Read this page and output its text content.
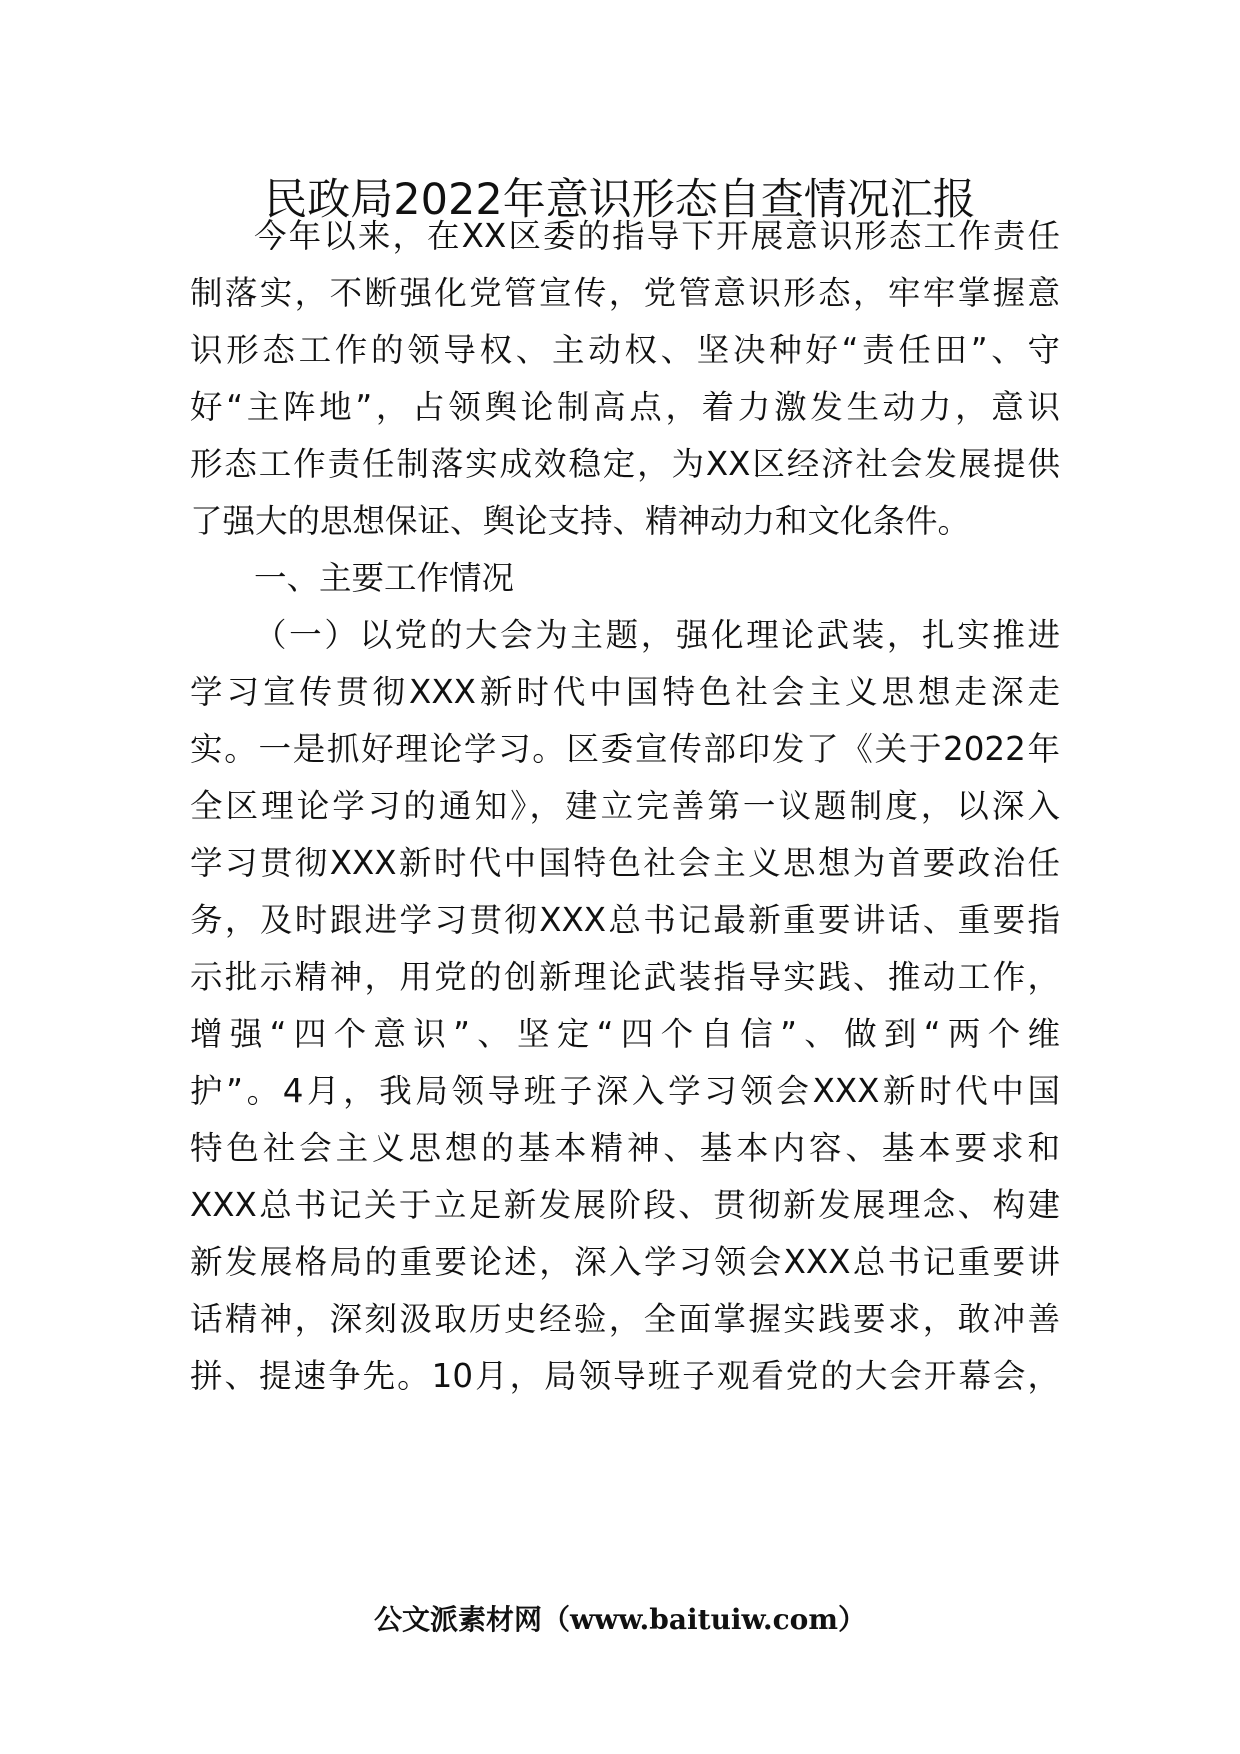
民政局2022年意识形态自查情况汇报
今年以来，在XX区委的指导下开展意识形态工作责任
制落实，不断强化党管宣传，党管意识形态，牢牢掌握意
识形态工作的领导权、主动权、坚决种好“责任田”、守
好“主阵地”，占领舆论制高点，着力激发生动力，意识
形态工作责任制落实成效稳定，为XX区经济社会发展提供
了强大的思想保证、舆论支持、精神动力和文化条件。
一、主要工作情况
（一）以党的大会为主题，强化理论武装，扎实推进
学习宣传贯彻XXX新时代中国特色社会主义思想走深走
实。一是抓好理论学习。区委宣传部印发了《关于2022年
全区理论学习的通知》，建立完善第一议题制度，以深入
学习贯彻XXX新时代中国特色社会主义思想为首要政治任
务，及时跟进学习贯彻XXX总书记最新重要讲话、重要指
示批示精神，用党的创新理论武装指导实践、推动工作，
增强“四个意识”、坚定“四个自信”、做到“两个维
护”。4月，我局领导班子深入学习领会XXX新时代中国
特色社会主义思想的基本精神、基本内容、基本要求和
XXX总书记关于立足新发展阶段、贯彻新发展理念、构建
新发展格局的重要论述，深入学习领会XXX总书记重要讲
话精神，深刻汲取历史经验，全面掌握实践要求，敢冲善
拼、提速争先。10月，局领导班子观看党的大会开幕会，
公文派素材网（www.baituiw.com）
